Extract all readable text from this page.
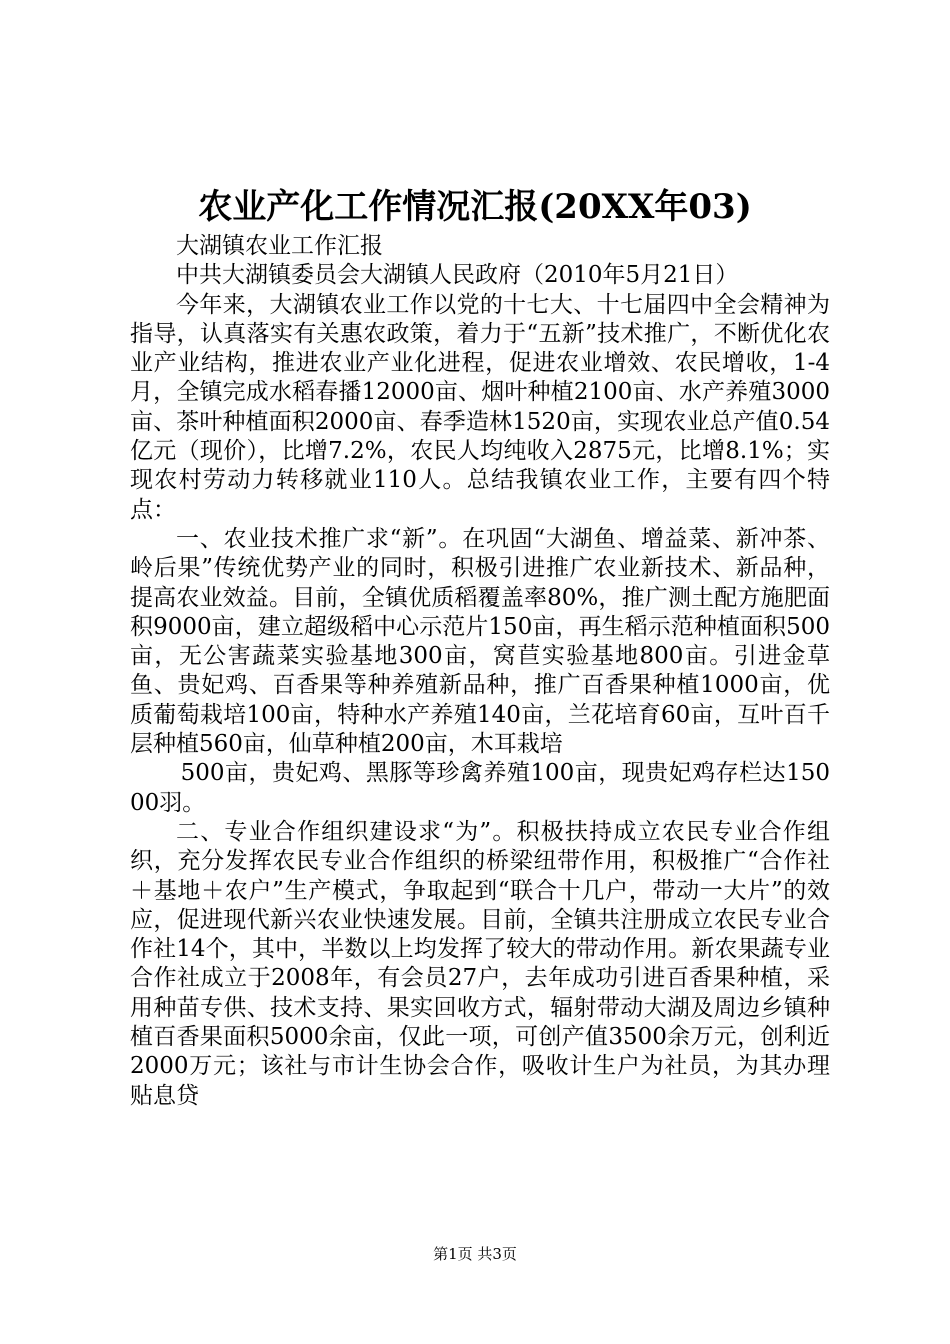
农业产化工作情况汇报(20XX年03)

大湖镇农业工作汇报

中共大湖镇委员会大湖镇人民政府（2010年5月21日）

今年来，大湖镇农业工作以党的十七大、十七届四中全会精神为指导，认真落实有关惠农政策，着力于“五新”技术推广，不断优化农业产业结构，推进农业产业化进程，促进农业增效、农民增收，1-4月，全镇完成水稻春播12000亩、烟叶种植2100亩、水产养殖3000亩、茶叶种植面积2000亩、春季造林1520亩，实现农业总产值0.54亿元（现价），比增7.2%，农民人均纯收入2875元，比增8.1%；实现农村劳动力转移就业110人。总结我镇农业工作，主要有四个特点：

一、农业技术推广求“新”。在巩固“大湖鱼、增益菜、新冲茶、岭后果”传统优势产业的同时，积极引进推广农业新技术、新品种，提高农业效益。目前，全镇优质稻覆盖率80%，推广测土配方施肥面积9000亩，建立超级稻中心示范片150亩，再生稻示范种植面积500亩，无公害蔬菜实验基地300亩，窝苣实验基地800亩。引进金草鱼、贵妃鸡、百香果等种养殖新品种，推广百香果种植1000亩，优质葡萄栽培100亩，特种水产养殖140亩，兰花培育60亩，互叶百千层种植560亩，仙草种植200亩，木耳栽培

500亩，贵妃鸡、黑豚等珍禽养殖100亩，现贵妃鸡存栏达15000羽。

二、专业合作组织建设求“为”。积极扶持成立农民专业合作组织，充分发挥农民专业合作组织的桥梁纽带作用，积极推广“合作社＋基地＋农户”生产模式，争取起到“联合十几户，带动一大片”的效应，促进现代新兴农业快速发展。目前，全镇共注册成立农民专业合作社14个，其中，半数以上均发挥了较大的带动作用。新农果蔬专业合作社成立于2008年，有会员27户，去年成功引进百香果种植，采用种苗专供、技术支持、果实回收方式，辐射带动大湖及周边乡镇种植百香果面积5000余亩，仅此一项，可创产值3500余万元，创利近2000万元；该社与市计生协会合作，吸收计生户为社员，为其办理贴息贷

第1页 共3页
